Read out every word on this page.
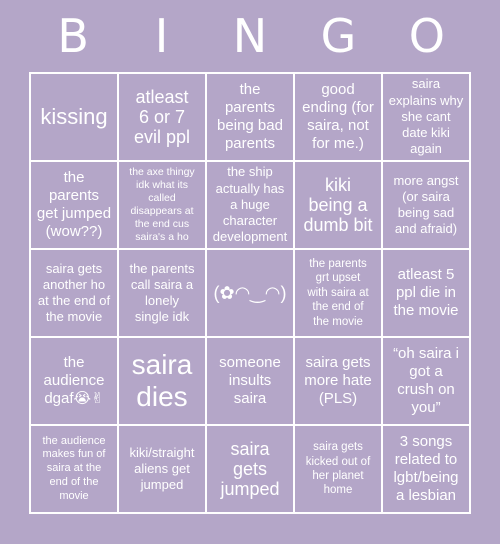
B	I	N	G	O
kissing
atleast
6 or 7
evil ppl
the
parents
being bad
parents
good
ending (for
saira, not
for me.)
saira
explains why
she cant
date kiki
again
the
parents
get jumped
(wow??)
the axe thingy
idk what its
called
disappears at
the end cus
saira's a ho
the ship
actually has
a huge
character
development
kiki
being a
dumb bit
more angst
(or saira
being sad
and afraid)
saira gets
another ho
at the end of
the movie
the parents
call saira a
lonely
single idk
(✿◠‿◠)
the parents
grt upset
with saira at
the end of
the movie
atleast 5
ppl die in
the movie
the
audience
dgaf😭✌
saira
dies
someone
insults
saira
saira gets
more hate
(PLS)
“oh saira i
got a
crush on
you”
the audience
makes fun of
saira at the
end of the
movie
kiki/straight
aliens get
jumped
saira
gets
jumped
saira gets
kicked out of
her planet
home
3 songs
related to
lgbt/being
a lesbian
